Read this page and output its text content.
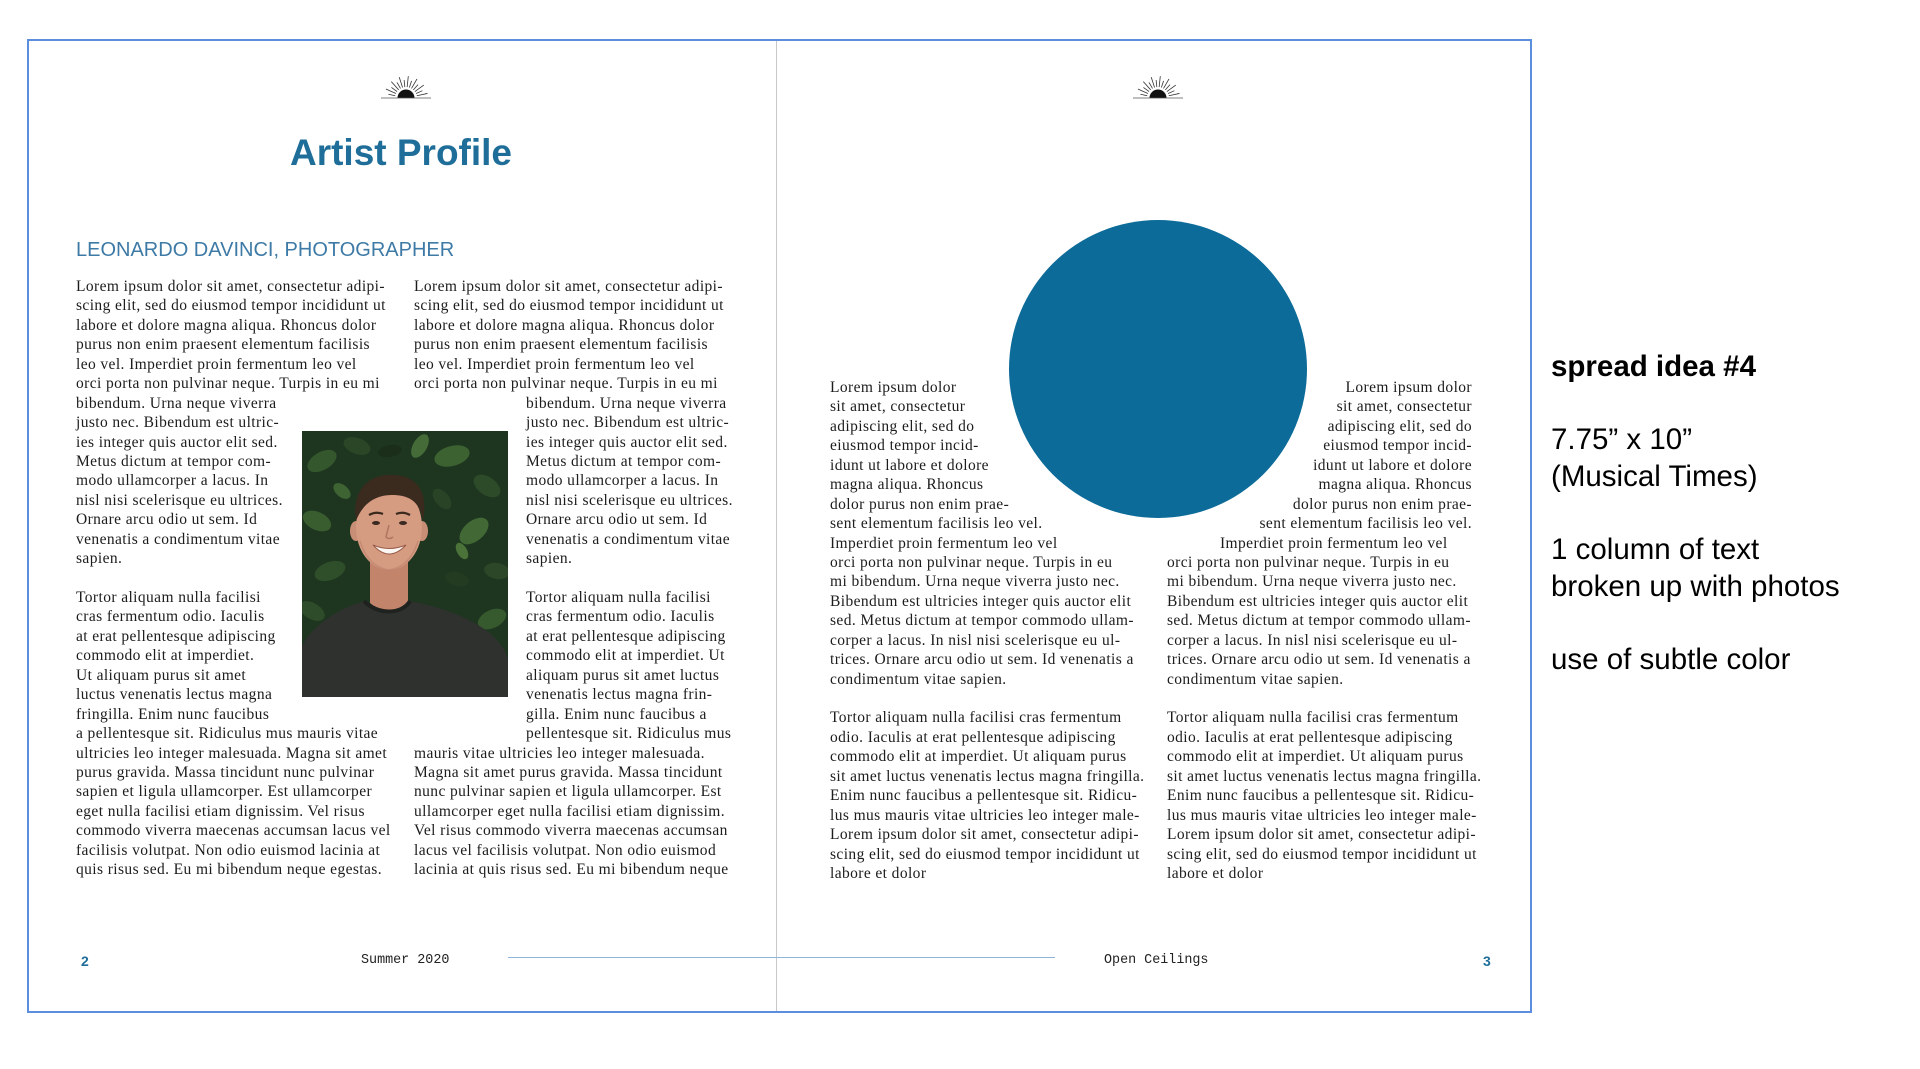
Artist Profile
LEONARDO DAVINCI, PHOTOGRAPHER
Lorem ipsum dolor sit amet, consectetur adipi-
scing elit, sed do eiusmod tempor incididunt ut
labore et dolore magna aliqua. Rhoncus dolor
purus non enim praesent elementum facilisis
leo vel. Imperdiet proin fermentum leo vel
orci porta non pulvinar neque. Turpis in eu mi
bibendum. Urna neque viverra
justo nec. Bibendum est ultric-
ies integer quis auctor elit sed.
Metus dictum at tempor com-
modo ullamcorper a lacus. In
nisl nisi scelerisque eu ultrices.
Ornare arcu odio ut sem. Id
venenatis a condimentum vitae
sapien.
Tortor aliquam nulla facilisi
cras fermentum odio. Iaculis
at erat pellentesque adipiscing
commodo elit at imperdiet.
Ut aliquam purus sit amet
luctus venenatis lectus magna
fringilla. Enim nunc faucibus
a pellentesque sit. Ridiculus mus mauris vitae
ultricies leo integer malesuada. Magna sit amet
purus gravida. Massa tincidunt nunc pulvinar
sapien et ligula ullamcorper. Est ullamcorper
eget nulla facilisi etiam dignissim. Vel risus
commodo viverra maecenas accumsan lacus vel
facilisis volutpat. Non odio euismod lacinia at
quis risus sed. Eu mi bibendum neque egestas.
Lorem ipsum dolor sit amet, consectetur adipi-
scing elit, sed do eiusmod tempor incididunt ut
labore et dolore magna aliqua. Rhoncus dolor
purus non enim praesent elementum facilisis
leo vel. Imperdiet proin fermentum leo vel
orci porta non pulvinar neque. Turpis in eu mi
bibendum. Urna neque viverra
justo nec. Bibendum est ultric-
ies integer quis auctor elit sed.
Metus dictum at tempor com-
modo ullamcorper a lacus. In
nisl nisi scelerisque eu ultrices.
Ornare arcu odio ut sem. Id
venenatis a condimentum vitae
sapien.
Tortor aliquam nulla facilisi
cras fermentum odio. Iaculis
at erat pellentesque adipiscing
commodo elit at imperdiet. Ut
aliquam purus sit amet luctus
venenatis lectus magna frin-
gilla. Enim nunc faucibus a
pellentesque sit. Ridiculus mus
mauris vitae ultricies leo integer malesuada.
Magna sit amet purus gravida. Massa tincidunt
nunc pulvinar sapien et ligula ullamcorper. Est
ullamcorper eget nulla facilisi etiam dignissim.
Vel risus commodo viverra maecenas accumsan
lacus vel facilisis volutpat. Non odio euismod
lacinia at quis risus sed. Eu mi bibendum neque
2	Summer 2020
Lorem ipsum dolor
sit amet, consectetur
adipiscing elit, sed do
eiusmod tempor incid-
idunt ut labore et dolore
magna aliqua. Rhoncus
dolor purus non enim prae-
sent elementum facilisis leo vel.
Imperdiet proin fermentum leo vel
orci porta non pulvinar neque. Turpis in eu
mi bibendum. Urna neque viverra justo nec.
Bibendum est ultricies integer quis auctor elit
sed. Metus dictum at tempor commodo ullam-
corper a lacus. In nisl nisi scelerisque eu ul-
trices. Ornare arcu odio ut sem. Id venenatis a
condimentum vitae sapien.
Tortor aliquam nulla facilisi cras fermentum
odio. Iaculis at erat pellentesque adipiscing
commodo elit at imperdiet. Ut aliquam purus
sit amet luctus venenatis lectus magna fringilla.
Enim nunc faucibus a pellentesque sit. Ridicu-
lus mus mauris vitae ultricies leo integer male-
Lorem ipsum dolor sit amet, consectetur adipi-
scing elit, sed do eiusmod tempor incididunt ut
labore et dolor
Lorem ipsum dolor
sit amet, consectetur
adipiscing elit, sed do
eiusmod tempor incid-
idunt ut labore et dolore
magna aliqua. Rhoncus
dolor purus non enim prae-
sent elementum facilisis leo vel.
Imperdiet proin fermentum leo vel
orci porta non pulvinar neque. Turpis in eu
mi bibendum. Urna neque viverra justo nec.
Bibendum est ultricies integer quis auctor elit
sed. Metus dictum at tempor commodo ullam-
corper a lacus. In nisl nisi scelerisque eu ul-
trices. Ornare arcu odio ut sem. Id venenatis a
condimentum vitae sapien.
Tortor aliquam nulla facilisi cras fermentum
odio. Iaculis at erat pellentesque adipiscing
commodo elit at imperdiet. Ut aliquam purus
sit amet luctus venenatis lectus magna fringilla.
Enim nunc faucibus a pellentesque sit. Ridicu-
lus mus mauris vitae ultricies leo integer male-
Lorem ipsum dolor sit amet, consectetur adipi-
scing elit, sed do eiusmod tempor incididunt ut
labore et dolor
Open Ceilings	3
spread idea #4
7.75” x 10”
(Musical Times)
1 column of text
broken up with photos
use of subtle color
